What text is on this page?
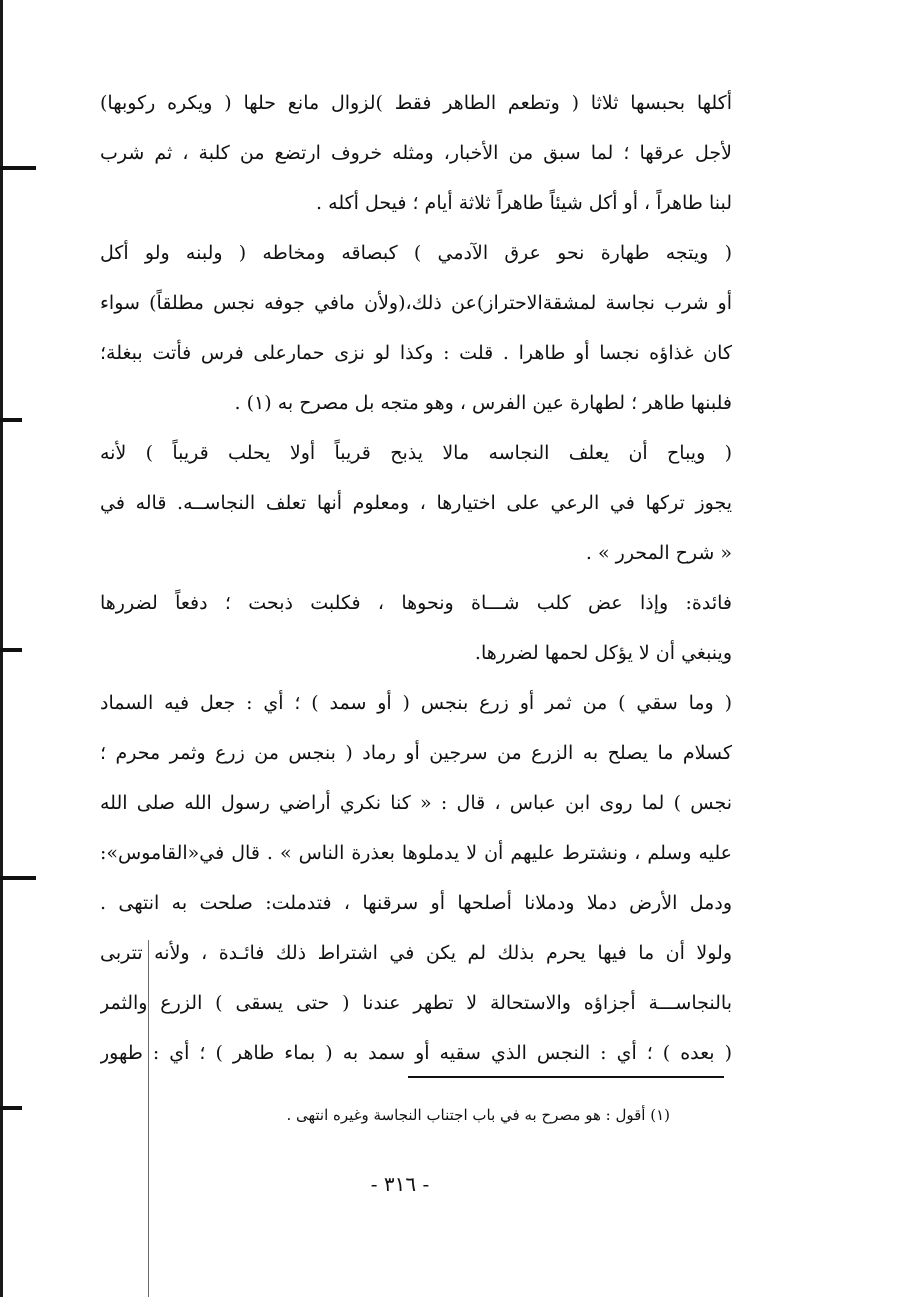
أكلها بحبسها ثلاثا ( وتطعم الطاهر فقط )لزوال مانع حلها ( ويكره ركوبها)
لأجل عرقها ؛ لما سبق من الأخبار، ومثله خروف ارتضع من كلبة ، ثم شرب
لبنا طاهراً ، أو أكل شيئاً طاهراً ثلاثة أيام ؛ فيحل أكله .
( ويتجه طهارة نحو عرق الآدمي ) كبصاقه ومخاطه ( ولبنه ولو أكل
أو شرب نجاسة لمشقةالاحتراز)عن ذلك،(ولأن مافي جوفه نجس مطلقاً) سواء
كان غذاؤه نجسا أو طاهرا . قلت : وكذا لو نزى حمارعلى فرس فأتت ببغلة؛
فلبنها طاهر ؛ لطهارة عين الفرس ، وهو متجه بل مصرح به (١) .
( ويباح أن يعلف النجاسه مالا يذبح قريباً أولا يحلب قريباً ) لأنه
يجوز تركها في الرعي على اختيارها ، ومعلوم أنها تعلف النجاســه. قاله في
« شرح المحرر » .
فائدة: وإذا عض كلب شـــاة ونحوها ، فكلبت ذبحت ؛ دفعاً لضررها
وينبغي أن لا يؤكل لحمها لضررها.
( وما سقي ) من ثمر أو زرع بنجس ( أو سمد ) ؛ أي : جعل فيه السماد
كسلام ما يصلح به الزرع من سرجين أو رماد ( بنجس من زرع وثمر محرم ؛
نجس ) لما روى ابن عباس ، قال : « كنا نكري أراضي رسول الله صلى الله
عليه وسلم ، ونشترط عليهم أن لا يدملوها بعذرة الناس » . قال في«القاموس»:
ودمل الأرض دملا ودملانا أصلحها أو سرقنها ، فتدملت: صلحت به انتهى .
ولولا أن ما فيها يحرم بذلك لم يكن في اشتراط ذلك فائـدة ، ولأنه تتربى
بالنجاســـة أجزاؤه والاستحالة لا تطهر عندنا ( حتى يسقى ) الزرع والثمر
( بعده ) ؛ أي : النجس الذي سقيه أو سمد به ( بماء طاهر ) ؛ أي : طهور
(١) أقول : هو مصرح به في باب اجتناب النجاسة وغيره انتهى .
- ٣١٦ -
